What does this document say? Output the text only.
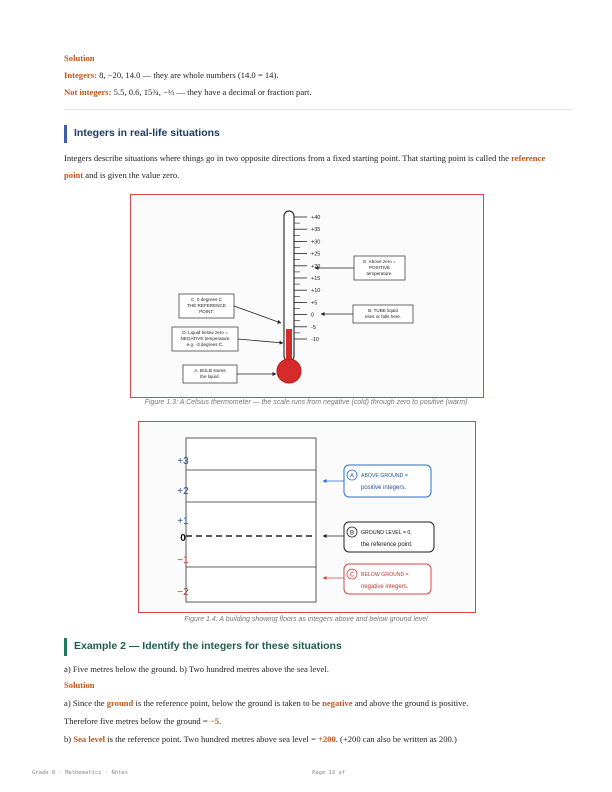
Solution
Integers: 8, −20, 14.0 — they are whole numbers (14.0 = 14).
Not integers: 5.5, 0.6, 15¾, −⅓ — they have a decimal or fraction part.
Integers in real-life situations
Integers describe situations where things go in two opposite directions from a fixed starting point. That starting point is called the reference point and is given the value zero.
+40
+35
+30
+25
+20
+15
+10
+5
0
-5
-10
C. 0 degrees C
THE REFERENCE
POINT.
D. Liquid below zero =
NEGATIVE temperature
e.g. -3 degrees C.
A. BULB stores
the liquid.
E. Above zero =
POSITIVE
temperature.
B. TUBE liquid
rises or falls here.
Figure 1.3: A Celsius thermometer — the scale runs from negative (cold) through zero to positive (warm)
+3
+2
+1
0
−1
−2
A ABOVE GROUND =
positive integers.
B GROUND LEVEL = 0,
the reference point.
C BELOW GROUND =
negative integers.
Figure 1.4: A building showing floors as integers above and below ground level
Example 2 — Identify the integers for these situations
a) Five metres below the ground. b) Two hundred metres above the sea level.
Solution
a) Since the ground is the reference point, below the ground is taken to be negative and above the ground is positive.
Therefore five metres below the ground = −5.
b) Sea level is the reference point. Two hundred metres above sea level = +200. (+200 can also be written as 200.)
Grade 8 · Mathematics · Notes	Page 13 of
